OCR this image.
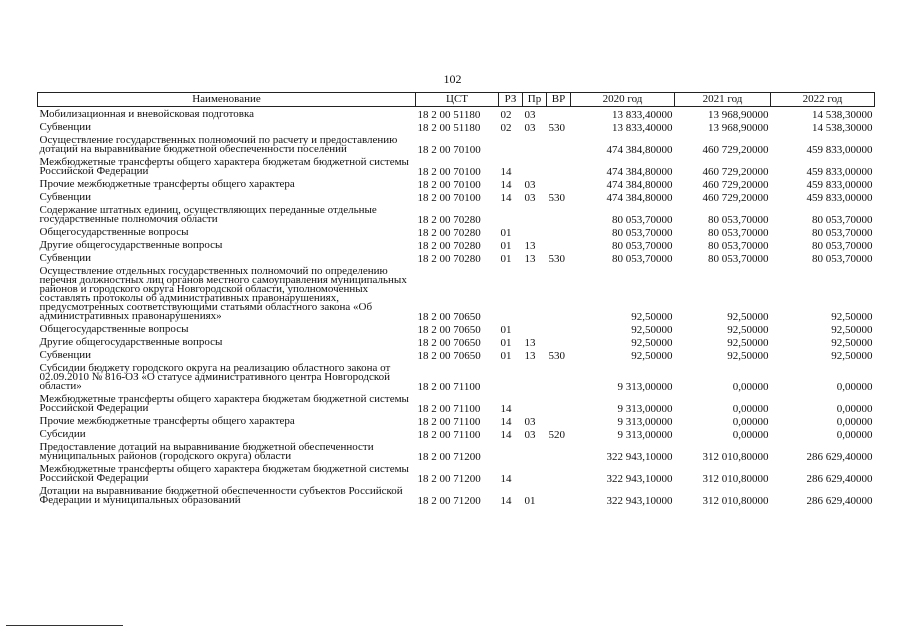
102
Наименование	ЦСТ	РЗ	Пр	ВР	2020 год	2021 год	2022 год
Мобилизационная и вневойсковая подготовка	18 2 00 51180	02	03		13 833,40000	13 968,90000	14 538,30000
Субвенции	18 2 00 51180	02	03	530	13 833,40000	13 968,90000	14 538,30000
Осуществление государственных полномочий по расчету и предоставлению дотаций на выравнивание бюджетной обеспеченности поселений	18 2 00 70100				474 384,80000	460 729,20000	459 833,00000
Межбюджетные трансферты общего характера бюджетам бюджетной системы Российской Федерации	18 2 00 70100	14			474 384,80000	460 729,20000	459 833,00000
Прочие межбюджетные трансферты общего характера	18 2 00 70100	14	03		474 384,80000	460 729,20000	459 833,00000
Субвенции	18 2 00 70100	14	03	530	474 384,80000	460 729,20000	459 833,00000
Содержание штатных единиц, осуществляющих переданные отдельные государственные полномочия области	18 2 00 70280				80 053,70000	80 053,70000	80 053,70000
Общегосударственные вопросы	18 2 00 70280	01			80 053,70000	80 053,70000	80 053,70000
Другие общегосударственные вопросы	18 2 00 70280	01	13		80 053,70000	80 053,70000	80 053,70000
Субвенции	18 2 00 70280	01	13	530	80 053,70000	80 053,70000	80 053,70000
Осуществление отдельных государственных полномочий по определению перечня должностных лиц органов местного самоуправления муниципальных районов и городского округа Новгородской области, уполномоченных составлять протоколы об административных правонарушениях, предусмотренных соответствующими статьями областного закона «Об административных правонарушениях»	18 2 00 70650				92,50000	92,50000	92,50000
Общегосударственные вопросы	18 2 00 70650	01			92,50000	92,50000	92,50000
Другие общегосударственные вопросы	18 2 00 70650	01	13		92,50000	92,50000	92,50000
Субвенции	18 2 00 70650	01	13	530	92,50000	92,50000	92,50000
Субсидии бюджету городского округа на реализацию областного закона от 02.09.2010 № 816-ОЗ «О статусе административного центра Новгородской области»	18 2 00 71100				9 313,00000	0,00000	0,00000
Межбюджетные трансферты общего характера бюджетам бюджетной системы Российской Федерации	18 2 00 71100	14			9 313,00000	0,00000	0,00000
Прочие межбюджетные трансферты общего характера	18 2 00 71100	14	03		9 313,00000	0,00000	0,00000
Субсидии	18 2 00 71100	14	03	520	9 313,00000	0,00000	0,00000
Предоставление дотаций на выравнивание бюджетной обеспеченности муниципальных районов (городского округа) области	18 2 00 71200				322 943,10000	312 010,80000	286 629,40000
Межбюджетные трансферты общего характера бюджетам бюджетной системы Российской Федерации	18 2 00 71200	14			322 943,10000	312 010,80000	286 629,40000
Дотации на выравнивание бюджетной обеспеченности субъектов Российской Федерации и муниципальных образований	18 2 00 71200	14	01		322 943,10000	312 010,80000	286 629,40000
